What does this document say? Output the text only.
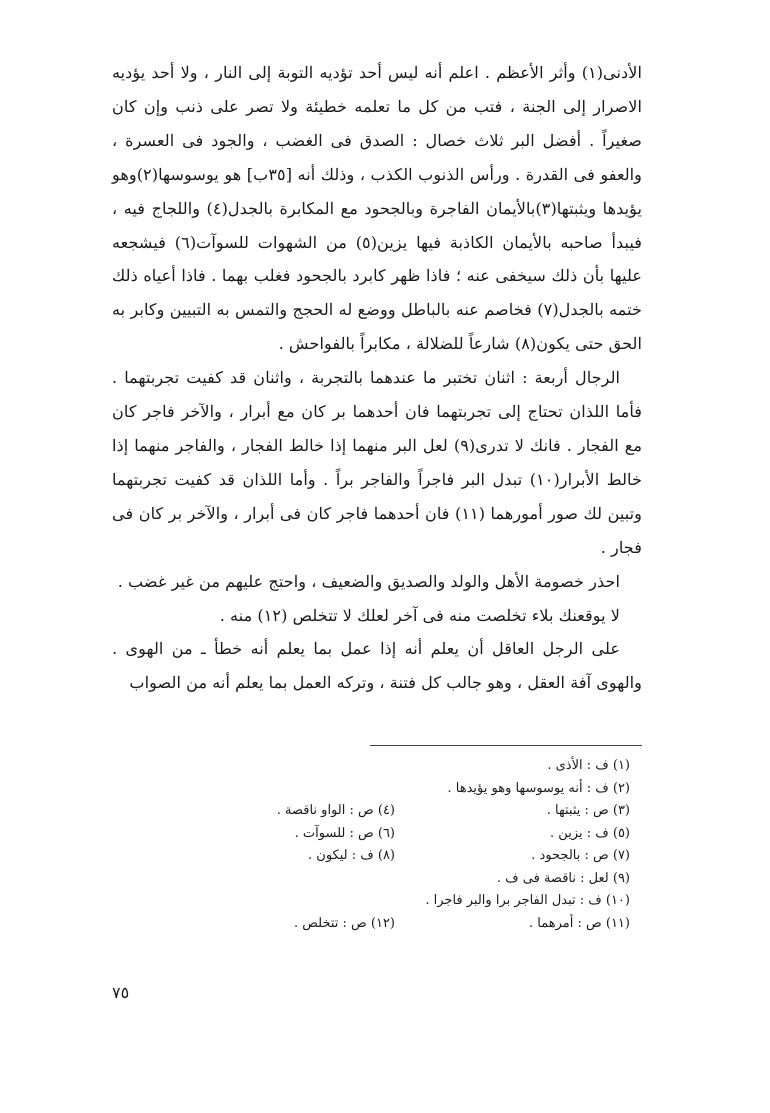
الأدنى(١) وأثر الأعظم . اعلم أنه ليس أحد تؤديه التوبة إلى النار ، ولا أحد يؤديه الاصرار إلى الجنة ، فتب من كل ما تعلمه خطيئة ولا تصر على ذنب وإن كان صغيراً . أفضل البر ثلاث خصال : الصدق فى الغضب ، والجود فى العسرة ، والعفو فى القدرة . ورأس الذنوب الكذب ، وذلك أنه [٣٥ب] هو يوسوسها(٢)وهو يؤيدها ويثبتها(٣)بالأيمان الفاجرة وبالجحود مع المكابرة بالجدل(٤) واللجاج فيه ، فيبدأ صاحبه بالأيمان الكاذبة فيها يزين(٥) من الشهوات للسوآت(٦) فيشجعه عليها بأن ذلك سيخفى عنه ؛ فاذا ظهر كابرد بالجحود فغلب بهما . فاذا أعياه ذلك ختمه بالجدل(٧) فخاصم عنه بالباطل ووضع له الحجج والتمس به التبيين وكابر به الحق حتى يكون(٨) شارعاً للضلالة ، مكابراً بالفواحش .

الرجال أربعة : اثنان تختبر ما عندهما بالتجربة ، واثنان قد كفيت تجربتهما . فأما اللذان تحتاج إلى تجربتهما فان أحدهما بر كان مع أبرار ، والآخر فاجر كان مع الفجار . فانك لا تدرى(٩) لعل البر منهما إذا خالط الفجار ، والفاجر منهما إذا خالط الأبرار(١٠) تبدل البر فاجراً والفاجر براً . وأما اللذان قد كفيت تجربتهما وتبين لك صور أمورهما (١١) فان أحدهما فاجر كان فى أبرار ، والآخر بر كان فى فجار .

احذر خصومة الأهل والولد والصديق والضعيف ، واحتج عليهم من غير غضب .

لا يوقعنك بلاء تخلصت منه فى آخر لعلك لا تتخلص (١٢) منه .

على الرجل العاقل أن يعلم أنه إذا عمل بما يعلم أنه خطأ ـ من الهوى . والهوى آفة العقل ، وهو جالب كل فتنة ، وتركه العمل بما يعلم أنه من الصواب

(١) ف : الأذى .
(٢) ف : أنه يوسوسها وهو يؤيدها .
(٣) ص : يثبتها .
(٤) ص : الواو ناقصة .
(٥) ف : يزين .
(٦) ص : للسوآت .
(٧) ص : بالجحود .
(٨) ف : ليكون .
(٩) لعل : ناقصة فى ف .
(١٠) ف : تبدل الفاجر برا والبر فاجرا .
(١١) ص : أمرهما .
(١٢) ص : تتخلص .
٧٥
